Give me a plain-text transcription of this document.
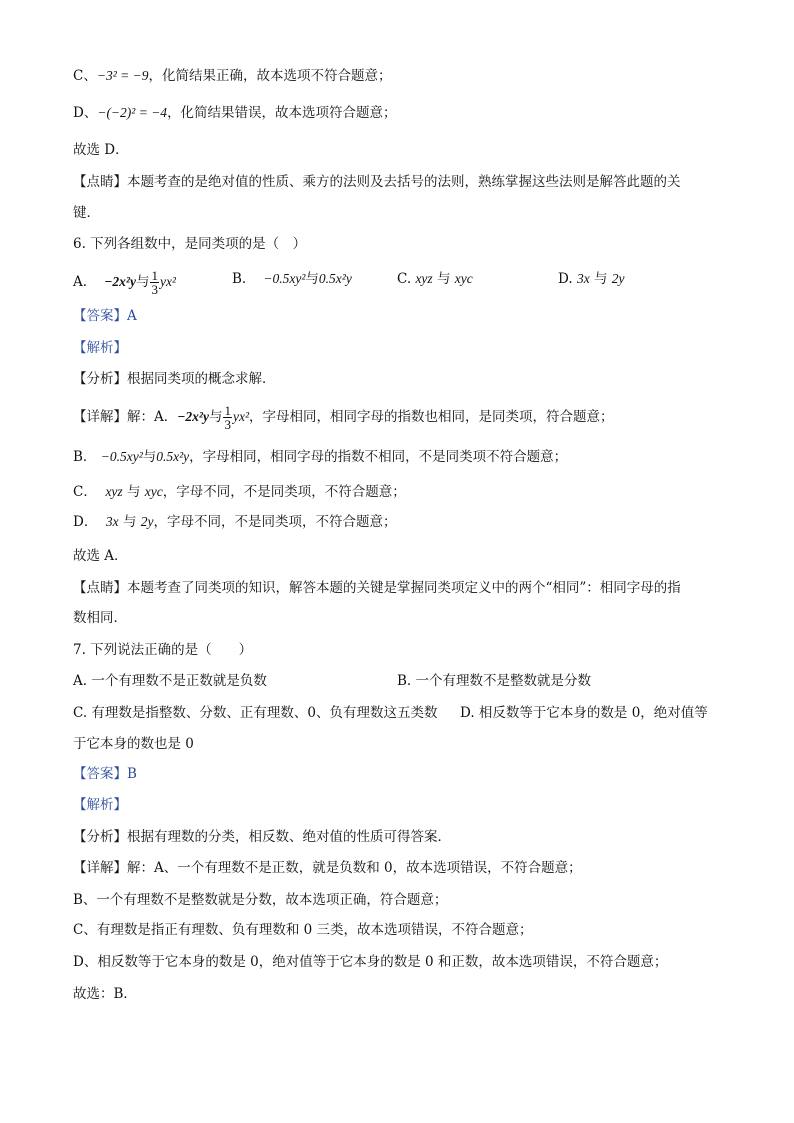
C、−3² = −9，化简结果正确，故本选项不符合题意；
D、−(−2)² = −4，化简结果错误，故本选项符合题意；
故选 D．
【点睛】本题考查的是绝对值的性质、乘方的法则及去括号的法则，熟练掌握这些法则是解答此题的关
键．
6. 下列各组数中，是同类项的是（　）
A. −2x²y与 $\frac{1}{3} yx^2$	B. −0.5xy²与0.5x²y	C. xyz 与 xyc	D. 3x 与 2y
【答案】A
【解析】
【分析】根据同类项的概念求解．
【详解】解：A．−2x²y与 $\frac{1}{3} yx^2$，字母相同，相同字母的指数也相同，是同类项，符合题意；
B． −0.5xy²与0.5x²y，字母相同，相同字母的指数不相同，不是同类项不符合题意；
C． xyz 与 xyc，字母不同，不是同类项，不符合题意；
D． 3x 与 2y，字母不同，不是同类项，不符合题意；
故选 A．
【点睛】本题考查了同类项的知识，解答本题的关键是掌握同类项定义中的两个“相同”：相同字母的指
数相同．
7. 下列说法正确的是（　　）
A. 一个有理数不是正数就是负数	B. 一个有理数不是整数就是分数
C. 有理数是指整数、分数、正有理数、0、负有理数这五类数 D. 相反数等于它本身的数是 0，绝对值等
于它本身的数也是 0
【答案】B
【解析】
【分析】根据有理数的分类，相反数、绝对值的性质可得答案．
【详解】解：A、一个有理数不是正数，就是负数和 0，故本选项错误，不符合题意；
B、一个有理数不是整数就是分数，故本选项正确，符合题意；
C、有理数是指正有理数、负有理数和 0 三类，故本选项错误，不符合题意；
D、相反数等于它本身的数是 0，绝对值等于它本身的数是 0 和正数，故本选项错误，不符合题意；
故选：B．
